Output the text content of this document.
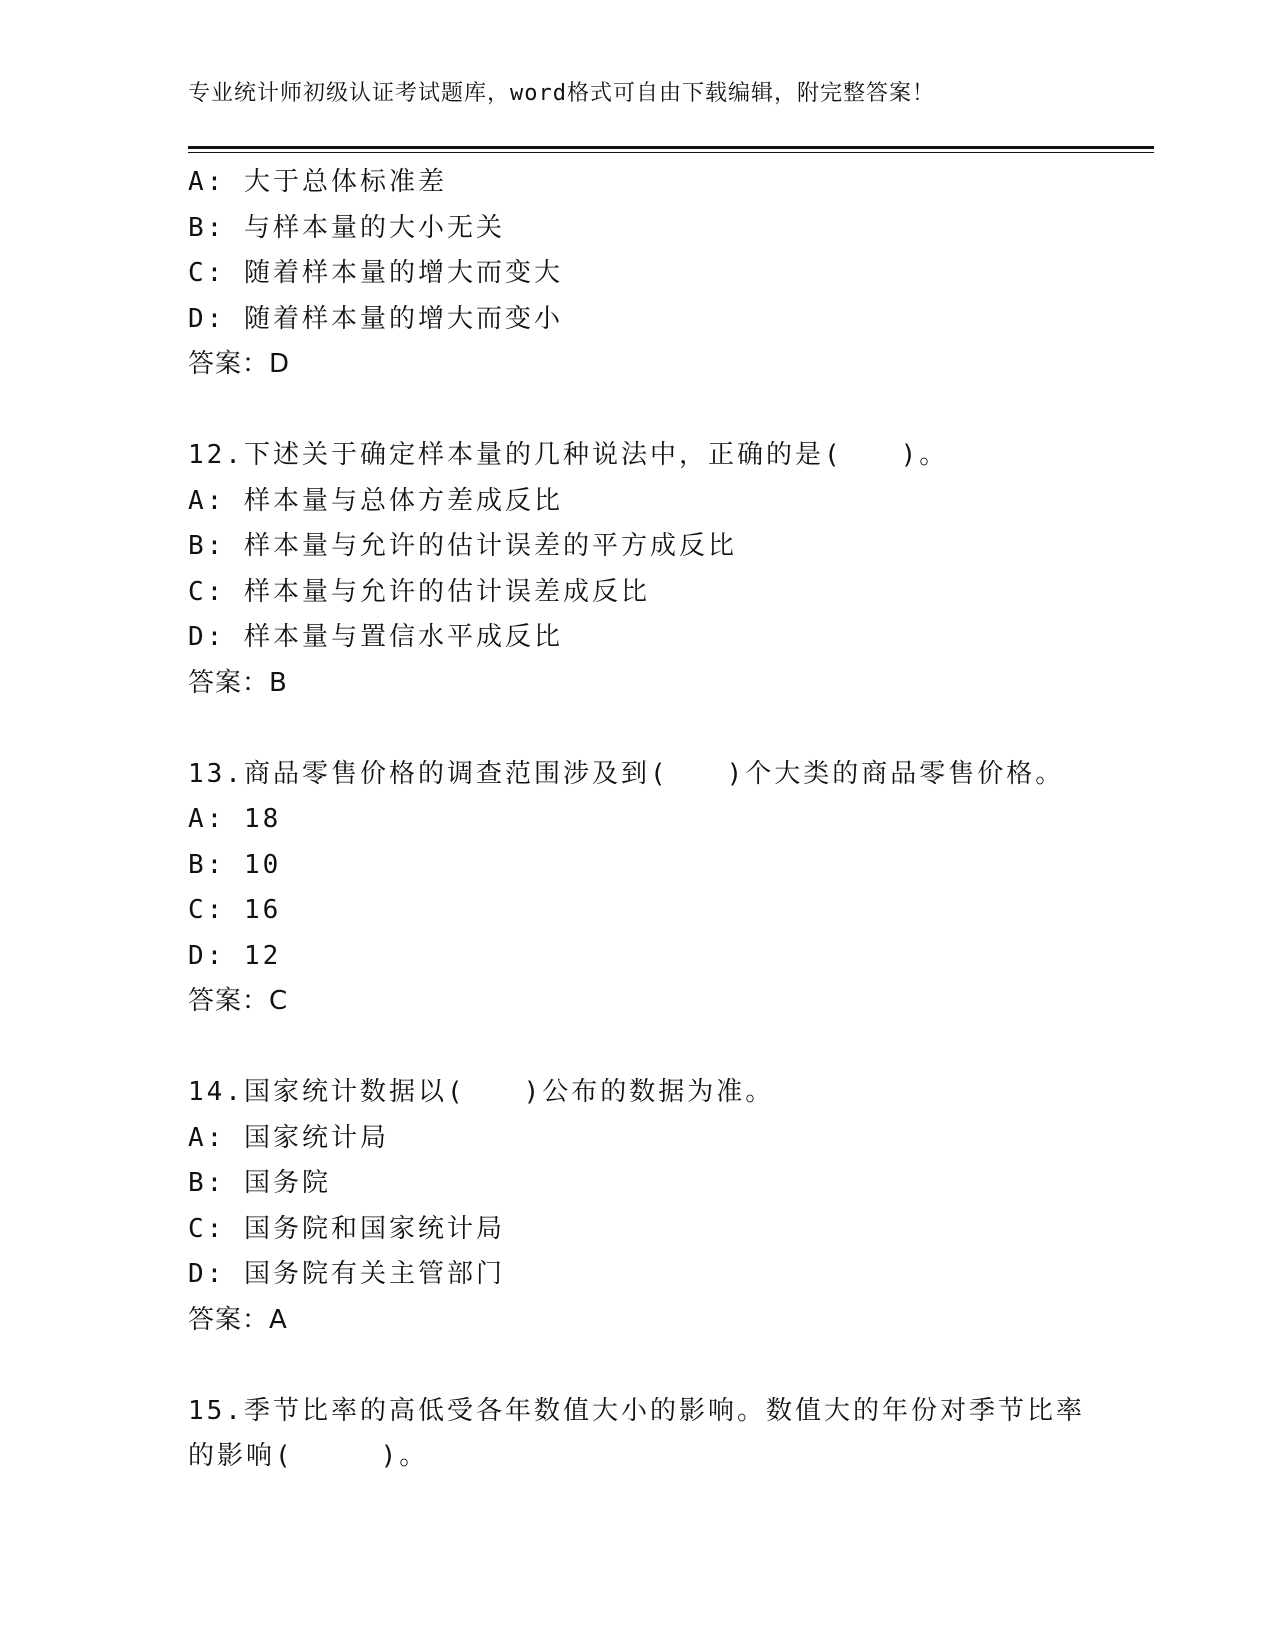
专业统计师初级认证考试题库，word格式可自由下载编辑，附完整答案！
A: 大于总体标准差
B: 与样本量的大小无关
C: 随着样本量的增大而变大
D: 随着样本量的增大而变小
答案：D
12.下述关于确定样本量的几种说法中，正确的是(　　)。
A: 样本量与总体方差成反比
B: 样本量与允许的估计误差的平方成反比
C: 样本量与允许的估计误差成反比
D: 样本量与置信水平成反比
答案：B
13.商品零售价格的调查范围涉及到(　　)个大类的商品零售价格。
A: 18
B: 10
C: 16
D: 12
答案：C
14.国家统计数据以(　　)公布的数据为准。
A: 国家统计局
B: 国务院
C: 国务院和国家统计局
D: 国务院有关主管部门
答案：A
15.季节比率的高低受各年数值大小的影响。数值大的年份对季节比率
的影响(　　　)。
